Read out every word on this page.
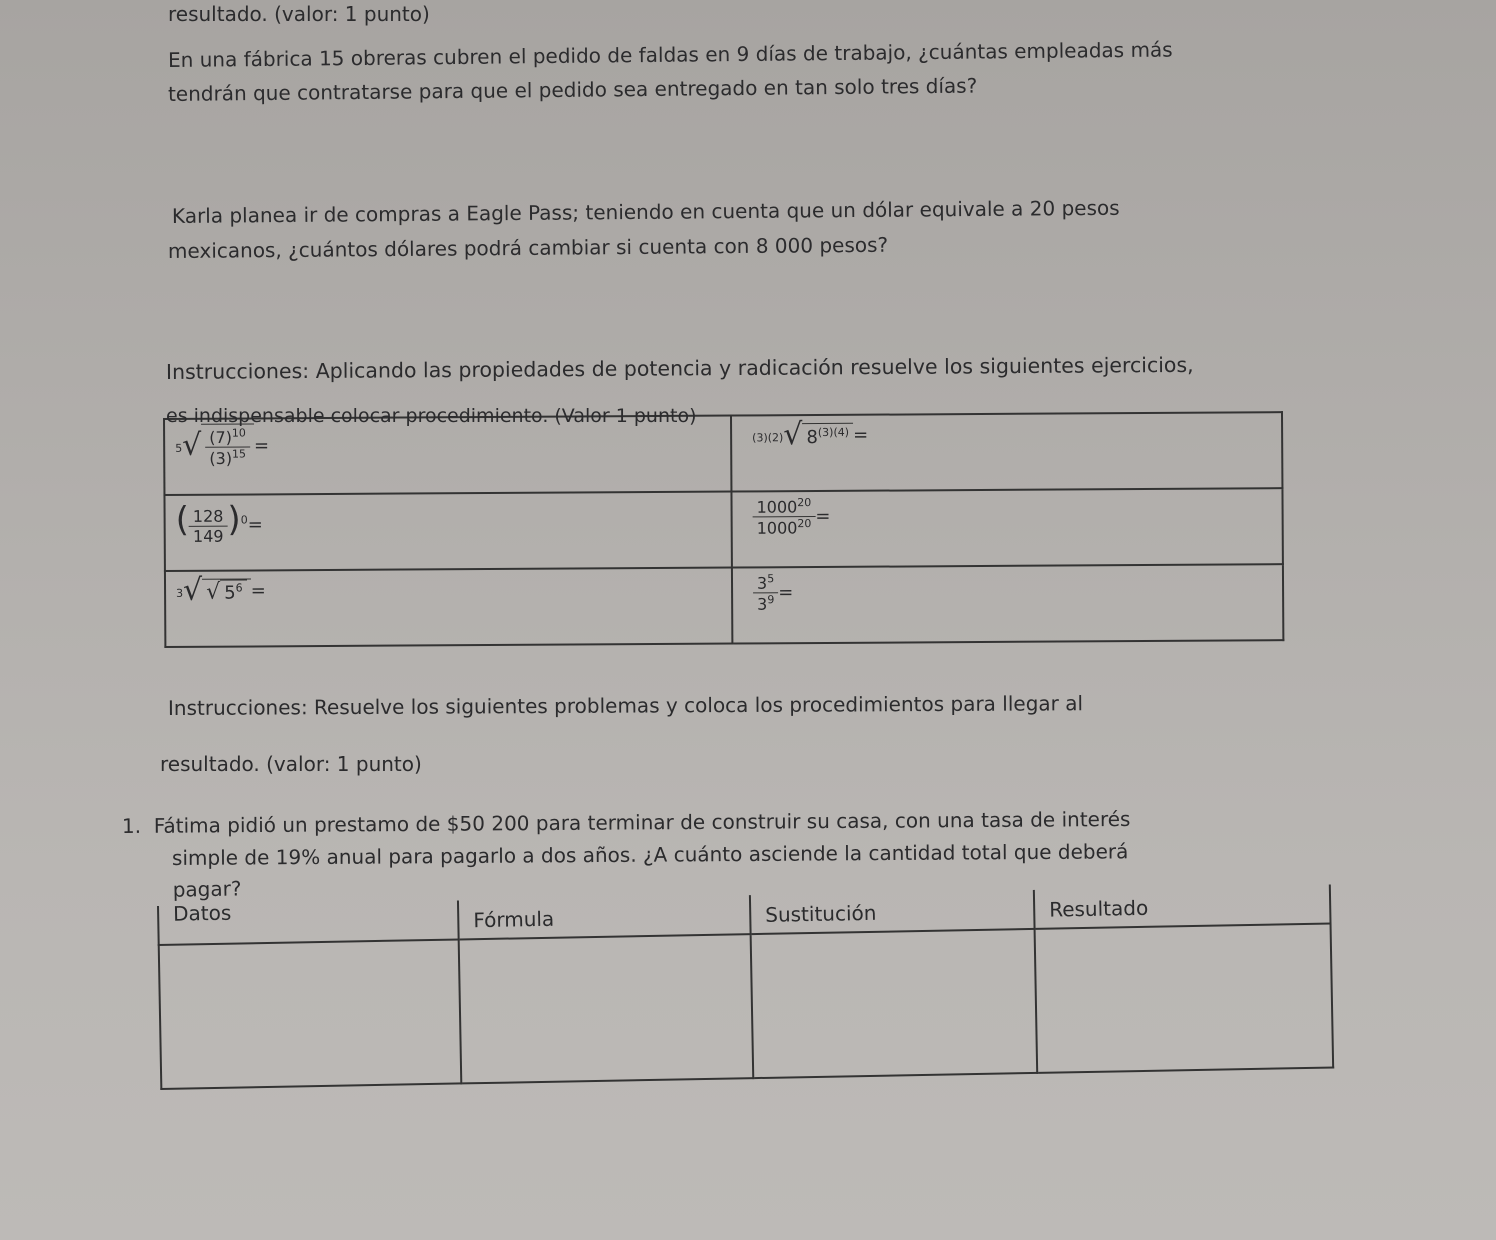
resultado. (valor: 1 punto)
En una fábrica 15 obreras cubren el pedido de faldas en 9 días de trabajo, ¿cuántas empleadas más
tendrán que contratarse para que el pedido sea entregado en tan solo tres días?
Karla planea ir de compras a Eagle Pass; teniendo en cuenta que un dólar equivale a 20 pesos
mexicanos, ¿cuántos dólares podrá cambiar si cuenta con 8 000 pesos?
Instrucciones: Aplicando las propiedades de potencia y radicación resuelve los siguientes ejercicios,
5 √ $\frac{(7)^{10}}{(3)^{15}}$ =	(3)(2) √ $8^{(3)(4)}$ =

( $\frac{128}{149} )^0=$	$\frac{1000^{20}}{1000^{20}}$ =

3 √ √ $5^6$ =	$\frac{3^5}{3^9}$ =
es indispensable colocar procedimiento. (Valor 1 punto)
Instrucciones: Resuelve los siguientes problemas y coloca los procedimientos para llegar al
resultado. (valor: 1 punto)
1. Fátima pidió un prestamo de $50 200 para terminar de construir su casa, con una tasa de interés
simple de 19% anual para pagarlo a dos años. ¿A cuánto asciende la cantidad total que deberá
pagar?
Datos	Fórmula	Sustitución	Resultado
